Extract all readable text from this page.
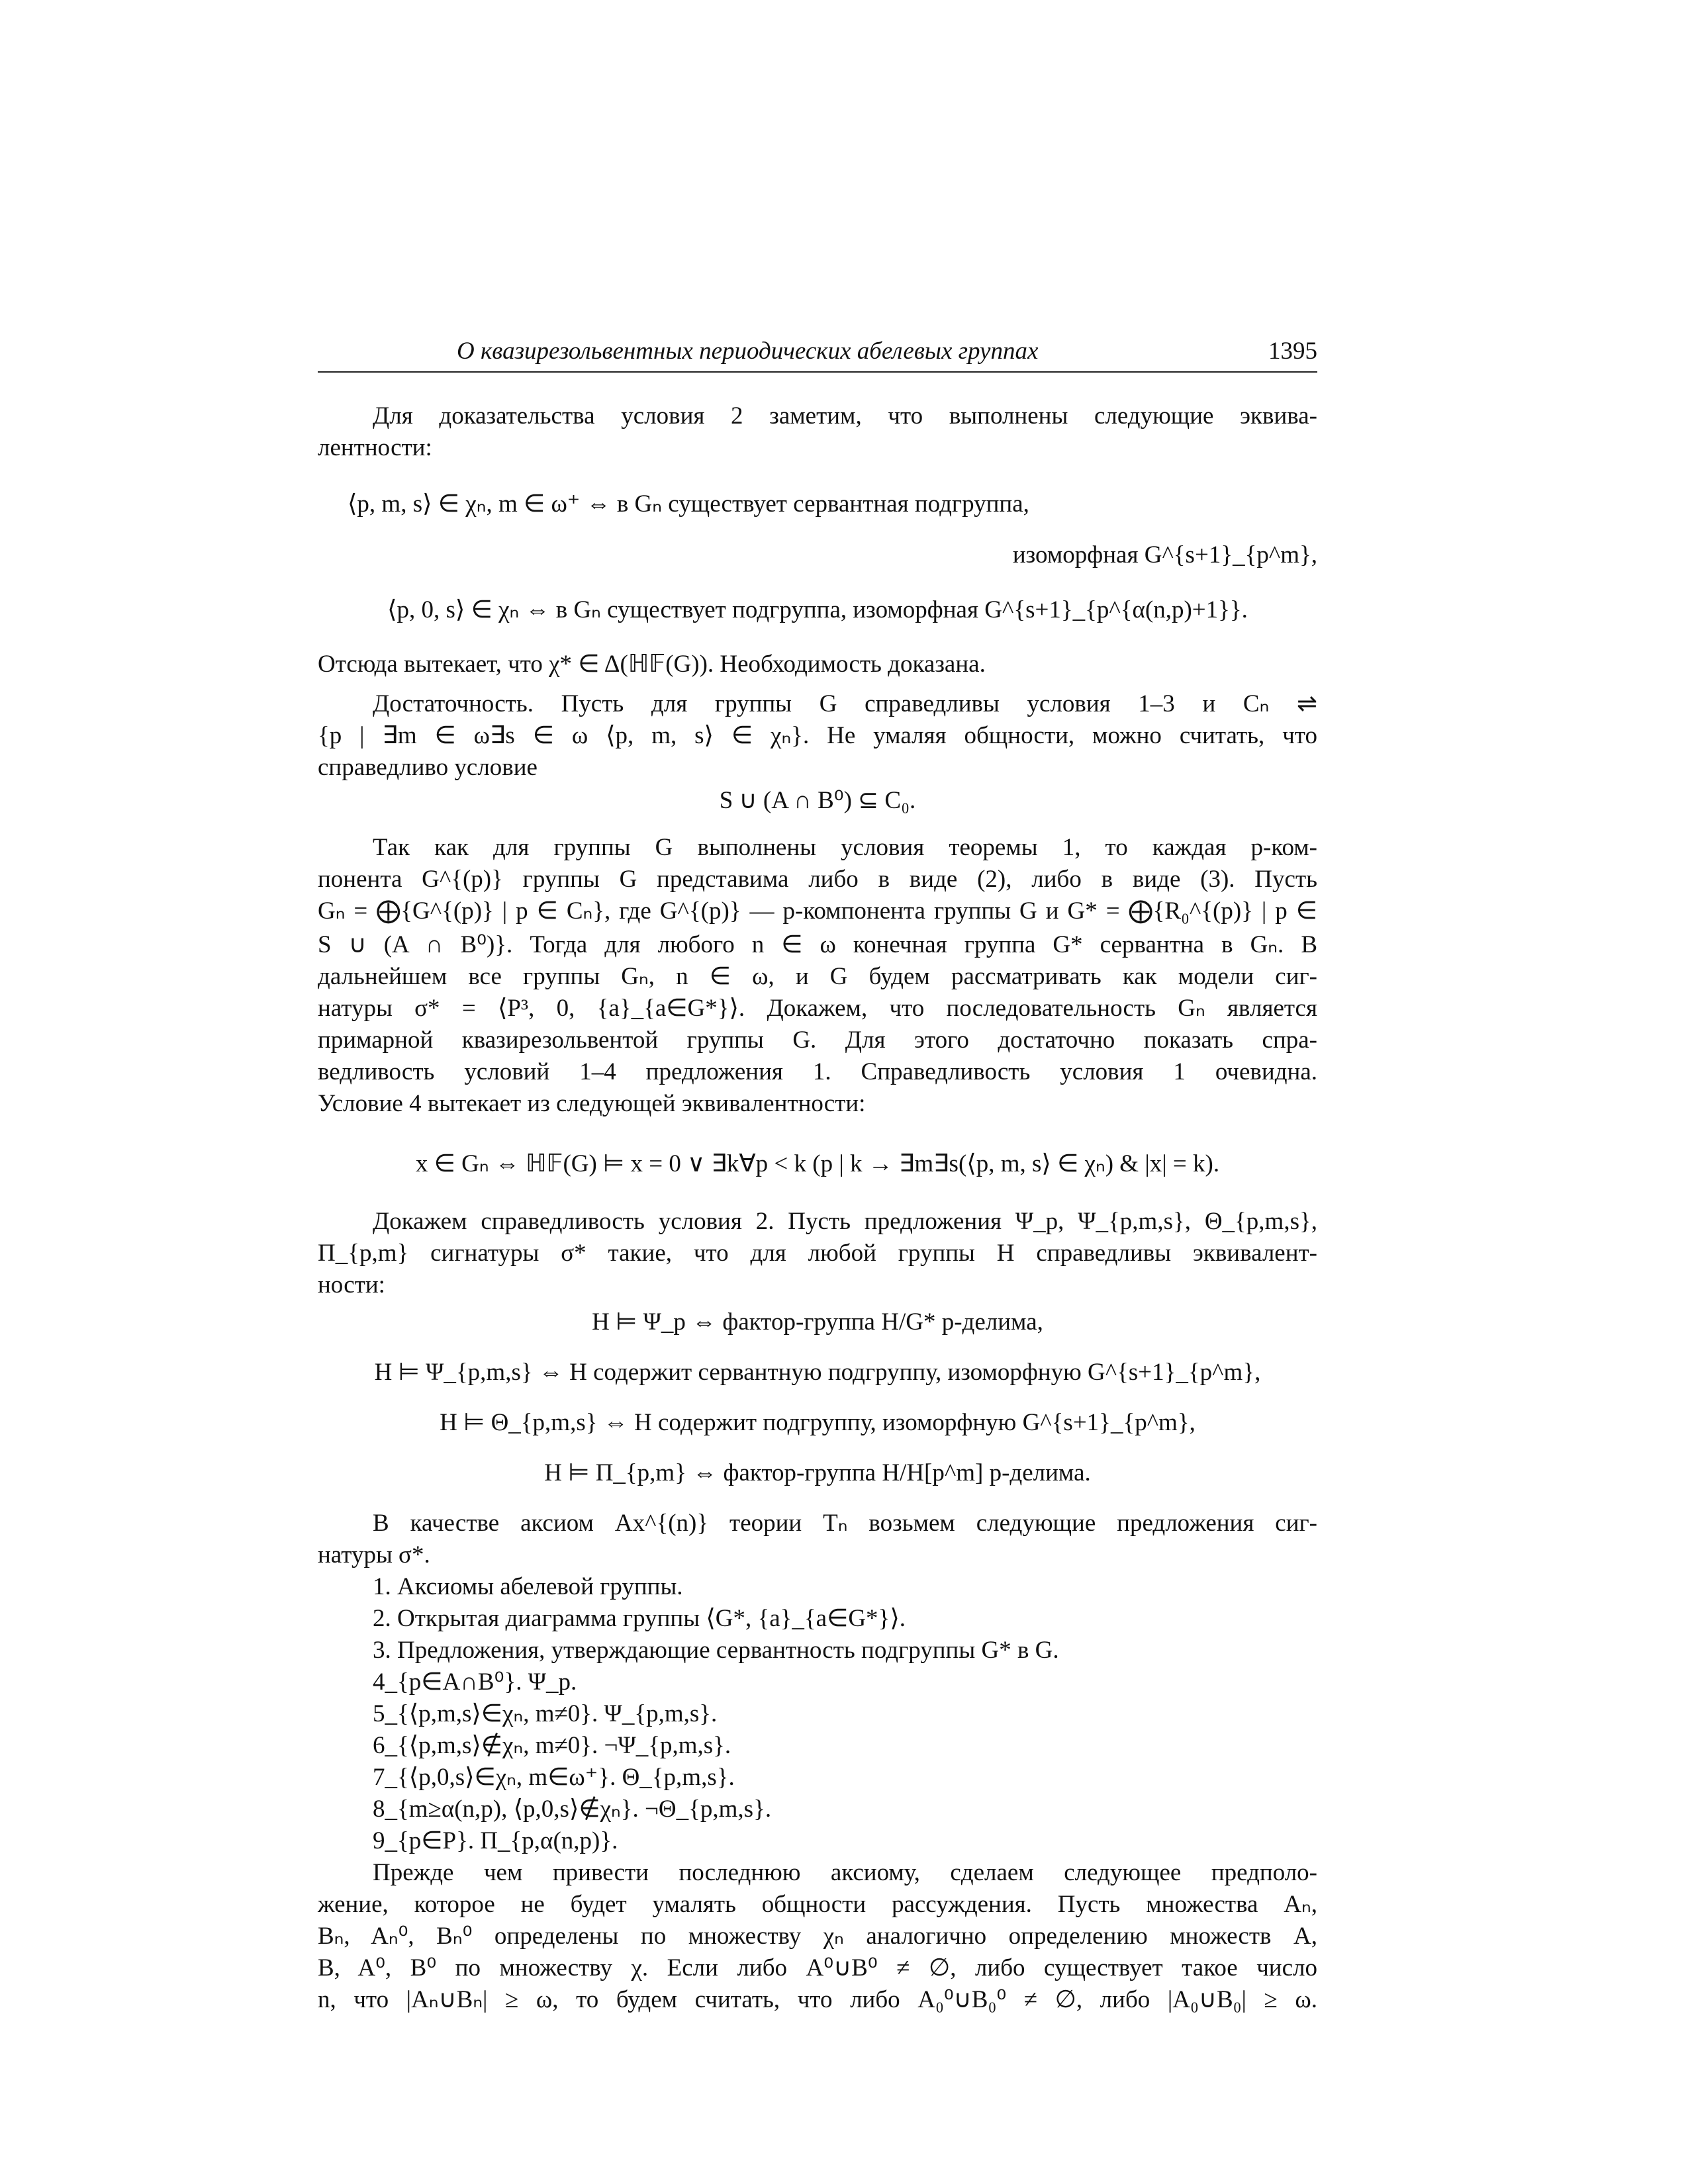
О квазирезольвентных периодических абелевых группах	1395
Для доказательства условия 2 заметим, что выполнены следующие эквива-
лентности:
⟨p, m, s⟩ ∈ χₙ, m ∈ ω⁺ ⇔ в Gₙ существует сервантная подгруппа,
изоморфная G^{s+1}_{p^m},
⟨p, 0, s⟩ ∈ χₙ ⇔ в Gₙ существует подгруппа, изоморфная G^{s+1}_{p^{α(n,p)+1}}.
Отсюда вытекает, что χ* ∈ Δ(ℍ𝔽(G)). Необходимость доказана.
Достаточность. Пусть для группы G справедливы условия 1–3 и Cₙ ⇌
{p | ∃m ∈ ω∃s ∈ ω ⟨p, m, s⟩ ∈ χₙ}. Не умаляя общности, можно считать, что
справедливо условие
S ∪ (A ∩ B⁰) ⊆ C₀.
Так как для группы G выполнены условия теоремы 1, то каждая p-ком-
понента G^{(p)} группы G представима либо в виде (2), либо в виде (3). Пусть
Gₙ = ⨁{G^{(p)} | p ∈ Cₙ}, где G^{(p)} — p-компонента группы G и G* = ⨁{R₀^{(p)} | p ∈
S ∪ (A ∩ B⁰)}. Тогда для любого n ∈ ω конечная группа G* сервантна в Gₙ. В
дальнейшем все группы Gₙ, n ∈ ω, и G будем рассматривать как модели сиг-
натуры σ* = ⟨P³, 0, {a}_{a∈G*}⟩. Докажем, что последовательность Gₙ является
примарной квазирезольвентой группы G. Для этого достаточно показать спра-
ведливость условий 1–4 предложения 1. Справедливость условия 1 очевидна.
Условие 4 вытекает из следующей эквивалентности:
x ∈ Gₙ ⇔ ℍ𝔽(G) ⊨ x = 0 ∨ ∃k∀p < k (p | k → ∃m∃s(⟨p, m, s⟩ ∈ χₙ) & |x| = k).
Докажем справедливость условия 2. Пусть предложения Ψ_p, Ψ_{p,m,s}, Θ_{p,m,s},
Π_{p,m} сигнатуры σ* такие, что для любой группы H справедливы эквивалент-
ности:
H ⊨ Ψ_p ⇔ фактор-группа H/G* p-делима,
H ⊨ Ψ_{p,m,s} ⇔ H содержит сервантную подгруппу, изоморфную G^{s+1}_{p^m},
H ⊨ Θ_{p,m,s} ⇔ H содержит подгруппу, изоморфную G^{s+1}_{p^m},
H ⊨ Π_{p,m} ⇔ фактор-группа H/H[p^m] p-делима.
В качестве аксиом Ax^{(n)} теории Tₙ возьмем следующие предложения сиг-
натуры σ*.
1. Аксиомы абелевой группы.
2. Открытая диаграмма группы ⟨G*, {a}_{a∈G*}⟩.
3. Предложения, утверждающие сервантность подгруппы G* в G.
4_{p∈A∩B⁰}. Ψ_p.
5_{⟨p,m,s⟩∈χₙ, m≠0}. Ψ_{p,m,s}.
6_{⟨p,m,s⟩∉χₙ, m≠0}. ¬Ψ_{p,m,s}.
7_{⟨p,0,s⟩∈χₙ, m∈ω⁺}. Θ_{p,m,s}.
8_{m≥α(n,p), ⟨p,0,s⟩∉χₙ}. ¬Θ_{p,m,s}.
9_{p∈P}. Π_{p,α(n,p)}.
Прежде чем привести последнюю аксиому, сделаем следующее предполо-
жение, которое не будет умалять общности рассуждения. Пусть множества Aₙ,
Bₙ, Aₙ⁰, Bₙ⁰ определены по множеству χₙ аналогично определению множеств A,
B, A⁰, B⁰ по множеству χ. Если либо A⁰∪B⁰ ≠ ∅, либо существует такое число
n, что |Aₙ∪Bₙ| ≥ ω, то будем считать, что либо A₀⁰∪B₀⁰ ≠ ∅, либо |A₀∪B₀| ≥ ω.
